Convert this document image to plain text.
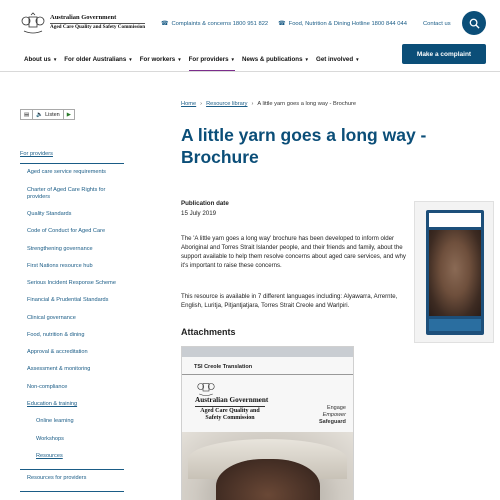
Australian Government
Aged Care Quality and Safety Commission
☎ Complaints & concerns 1800 951 822 ☎ Food, Nutrition & Dining Hotline 1800 844 044	Contact us
About us ▼ For older Australians ▼ For workers ▼ For providers ▼ News & publications ▼ Get involved ▼
Make a complaint
▤ 🔈 Listen ▶
For providers
Aged care service requirements
Charter of Aged Care Rights for providers
Quality Standards
Code of Conduct for Aged Care
Strengthening governance
First Nations resource hub
Serious Incident Response Scheme
Financial & Prudential Standards
Clinical governance
Food, nutrition & dining
Approval & accreditation
Assessment & monitoring
Non-compliance
Education & training
Online learning
Workshops
Resources
Resources for providers
Home › Resource library › A little yarn goes a long way - Brochure
A little yarn goes a long way - Brochure
Publication date
15 July 2019

The 'A little yarn goes a long way' brochure has been developed to inform older Aboriginal and Torres Strait Islander people, and their friends and family, about the support available to help them resolve concerns about aged care services, and why it's important to raise these concerns.

This resource is available in 7 different languages including: Alyawarra, Arrernte, English, Luritja, Pitjantjatjara, Torres Strait Creole and Warlpiri.

Attachments
TSI Creole Translation
Australian Government
Aged Care Quality and Safety Commission
Engage
Empower
Safeguard
